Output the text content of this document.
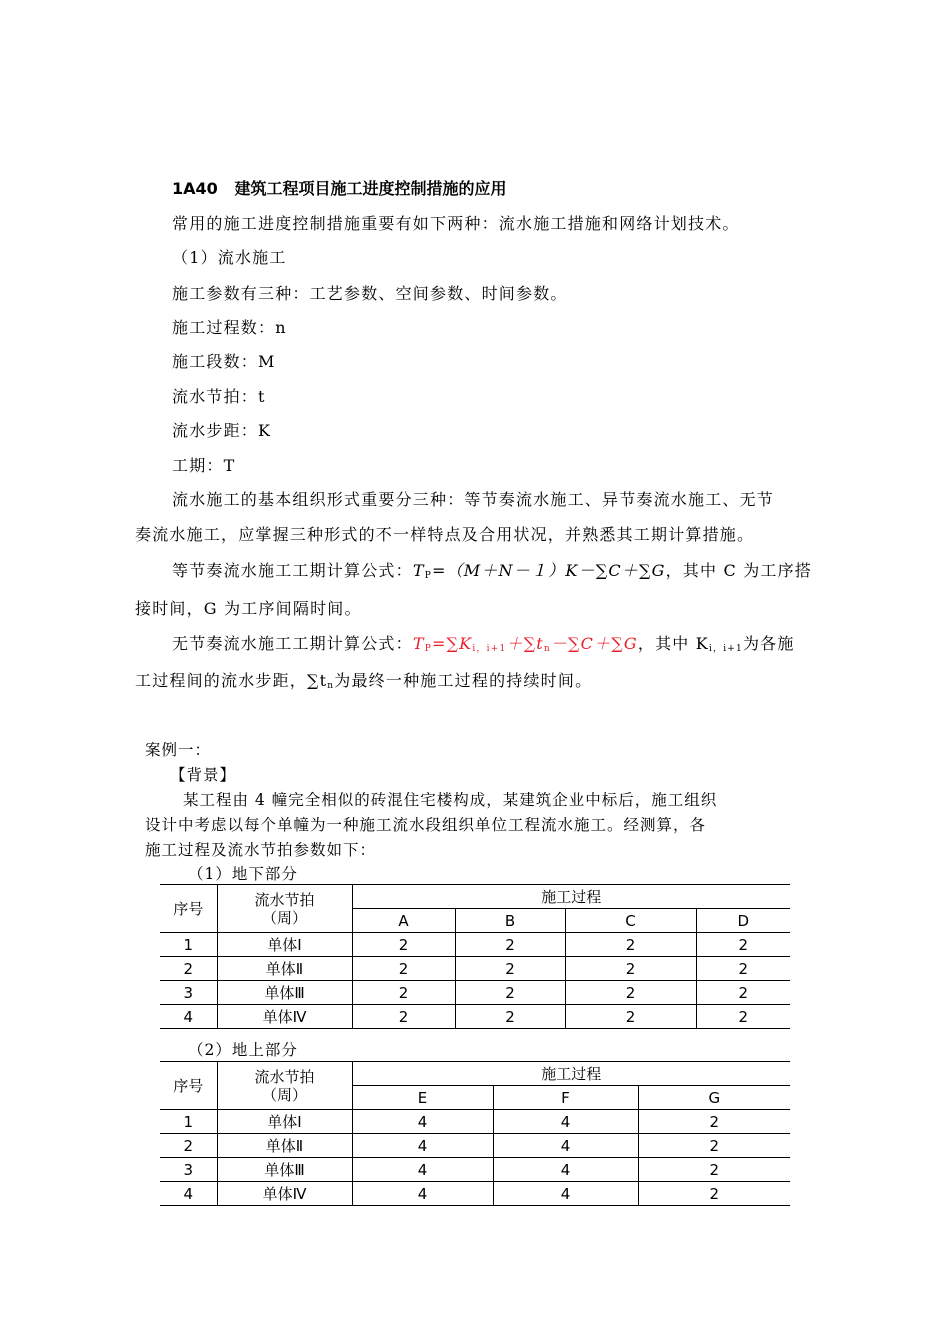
1A40 建筑工程项目施工进度控制措施的应用
常用的施工进度控制措施重要有如下两种：流水施工措施和网络计划技术。
（1）流水施工
施工参数有三种：工艺参数、空间参数、时间参数。
施工过程数：n
施工段数：M
流水节拍：t
流水步距：K
工期：T
流水施工的基本组织形式重要分三种：等节奏流水施工、异节奏流水施工、无节
奏流水施工，应掌握三种形式的不一样特点及合用状况，并熟悉其工期计算措施。
等节奏流水施工工期计算公式：$T_P=(M+N-1)K-\sum C+\sum G$，其中 C 为工序搭
接时间，G 为工序间隔时间。
无节奏流水施工工期计算公式：$T_P=\sum K_{i,i+1}+\sum t_n-\sum C+\sum G$，其中 $K_{i,i+1}$为各施
工过程间的流水步距，$\sum t_n$为最终一种施工过程的持续时间。
案例一：
【背景】
某工程由 4 幢完全相似的砖混住宅楼构成，某建筑企业中标后，施工组织
设计中考虑以每个单幢为一种施工流水段组织单位工程流水施工。经测算，各
施工过程及流水节拍参数如下：
（1）地下部分
序号	流水节拍
（周）	施工过程			
		A	B	C	D
1	单体Ⅰ	2	2	2	2
2	单体Ⅱ	2	2	2	2
3	单体Ⅲ	2	2	2	2
4	单体Ⅳ	2	2	2	2
（2）地上部分
序号	流水节拍
（周）	施工过程		
		E	F	G
1	单体Ⅰ	4	4	2
2	单体Ⅱ	4	4	2
3	单体Ⅲ	4	4	2
4	单体Ⅳ	4	4	2
